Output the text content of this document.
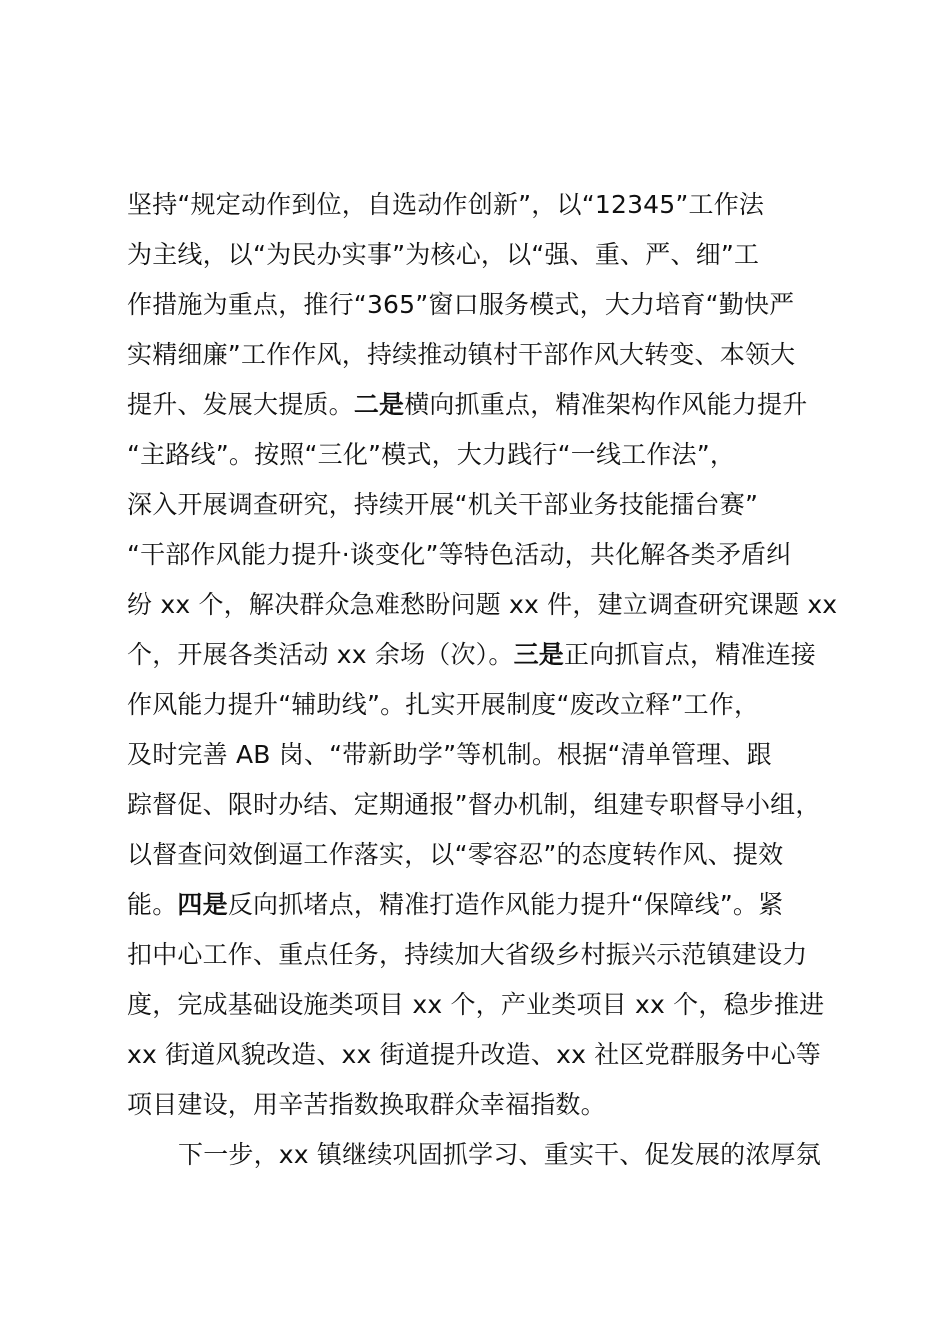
坚持“规定动作到位，自选动作创新”，以“12345”工作法
为主线，以“为民办实事”为核心，以“强、重、严、细”工
作措施为重点，推行“365”窗口服务模式，大力培育“勤快严
实精细廉”工作作风，持续推动镇村干部作风大转变、本领大
提升、发展大提质。二是横向抓重点，精准架构作风能力提升
“主路线”。按照“三化”模式，大力践行“一线工作法”，
深入开展调查研究，持续开展“机关干部业务技能擂台赛”
“干部作风能力提升·谈变化”等特色活动，共化解各类矛盾纠
纷 xx 个，解决群众急难愁盼问题 xx 件，建立调查研究课题 xx
个，开展各类活动 xx 余场（次）。三是正向抓盲点，精准连接
作风能力提升“辅助线”。扎实开展制度“废改立释”工作，
及时完善 AB 岗、“带新助学”等机制。根据“清单管理、跟
踪督促、限时办结、定期通报”督办机制，组建专职督导小组，
以督查问效倒逼工作落实，以“零容忍”的态度转作风、提效
能。四是反向抓堵点，精准打造作风能力提升“保障线”。紧
扣中心工作、重点任务，持续加大省级乡村振兴示范镇建设力
度，完成基础设施类项目 xx 个，产业类项目 xx 个，稳步推进
xx 街道风貌改造、xx 街道提升改造、xx 社区党群服务中心等
项目建设，用辛苦指数换取群众幸福指数。
下一步，xx 镇继续巩固抓学习、重实干、促发展的浓厚氛
